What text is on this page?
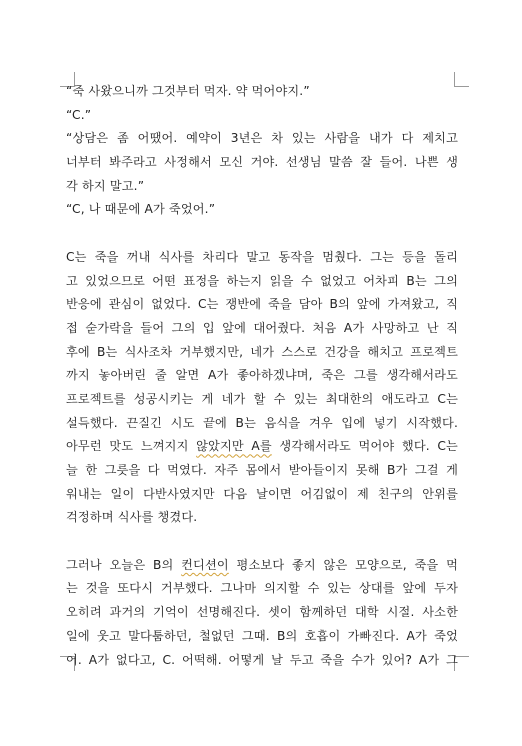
“죽 사왔으니까 그것부터 먹자. 약 먹어야지.”
“C.”
“상담은 좀 어땠어. 예약이 3년은 차 있는 사람을 내가 다 제치고
너부터 봐주라고 사정해서 모신 거야. 선생님 말씀 잘 들어. 나쁜 생
각 하지 말고.”
“C, 나 때문에 A가 죽었어.”
C는 죽을 꺼내 식사를 차리다 말고 동작을 멈췄다. 그는 등을 돌리
고 있었으므로 어떤 표정을 하는지 읽을 수 없었고 어차피 B는 그의
반응에 관심이 없었다. C는 쟁반에 죽을 담아 B의 앞에 가져왔고, 직
접 숟가락을 들어 그의 입 앞에 대어줬다. 처음 A가 사망하고 난 직
후에 B는 식사조차 거부했지만, 네가 스스로 건강을 해치고 프로젝트
까지 놓아버린 줄 알면 A가 좋아하겠냐며, 죽은 그를 생각해서라도
프로젝트를 성공시키는 게 네가 할 수 있는 최대한의 애도라고 C는
설득했다. 끈질긴 시도 끝에 B는 음식을 겨우 입에 넣기 시작했다.
아무런 맛도 느껴지지 않았지만 A를 생각해서라도 먹어야 했다. C는
늘 한 그릇을 다 먹였다. 자주 몸에서 받아들이지 못해 B가 그걸 게
워내는 일이 다반사였지만 다음 날이면 어김없이 제 친구의 안위를
걱정하며 식사를 챙겼다.
그러나 오늘은 B의 컨디션이 평소보다 좋지 않은 모양으로, 죽을 먹
는 것을 또다시 거부했다. 그나마 의지할 수 있는 상대를 앞에 두자
오히려 과거의 기억이 선명해진다. 셋이 함께하던 대학 시절. 사소한
일에 웃고 말다툼하던, 철없던 그때. B의 호흡이 가빠진다. A가 죽었
어. A가 없다고, C. 어떡해. 어떻게 날 두고 죽을 수가 있어? A가 그
